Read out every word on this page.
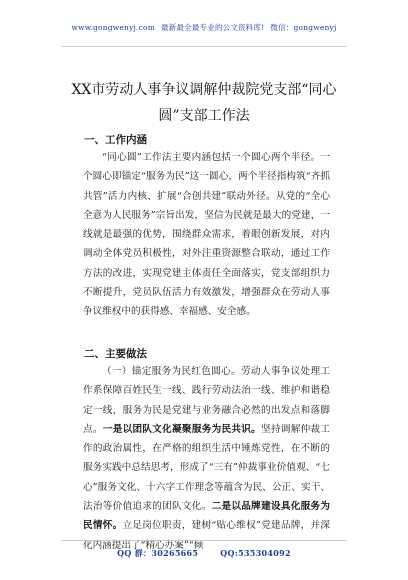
www.gongwenyj.com 最新最全最专业的公文资料库! 微信：gongwenyj
XX市劳动人事争议调解仲裁院党支部“同心
圆”支部工作法
一、工作内涵

“同心圆”工作法主要内涵包括一个圆心两个半径。一个圆心即锚定“服务为民”这一圆心，两个半径指构筑“齐抓共管”活力内核、扩展“合创共建”联动外径。从党的“全心全意为人民服务”宗旨出发，坚信为民就是最大的党建，一线就是最强的优势，围绕群众需求，着眼创新发展，对内调动全体党员积极性，对外注重资源整合联动，通过工作方法的改进，实现党建主体责任全面落实，党支部组织力不断提升，党员队伍活力有效激发，增强群众在劳动人事争议维权中的获得感、幸福感、安全感。

二、主要做法

（一）锚定服务为民红色圆心。劳动人事争议处理工作系保障百姓民生一线、践行劳动法治一线、维护和谐稳定一线，服务为民是党建与业务融合必然的出发点和落脚点。一是以团队文化凝聚服务为民共识。坚持调解仲裁工作的政治属性，在严格的组织生活中锤炼党性，在不断的服务实践中总结思考，形成了“三有”仲裁事业价值观、“七心”服务文化、十六字工作理念等蕴含为民、公正、实干、法治等价值追求的团队文化。二是以品牌建设具化服务为民情怀。立足岗位职责，建树“贴心维权”党建品牌，并深化内涵提出了“精心办案”“倾

QQ 群：30265665	QQ:535304092
